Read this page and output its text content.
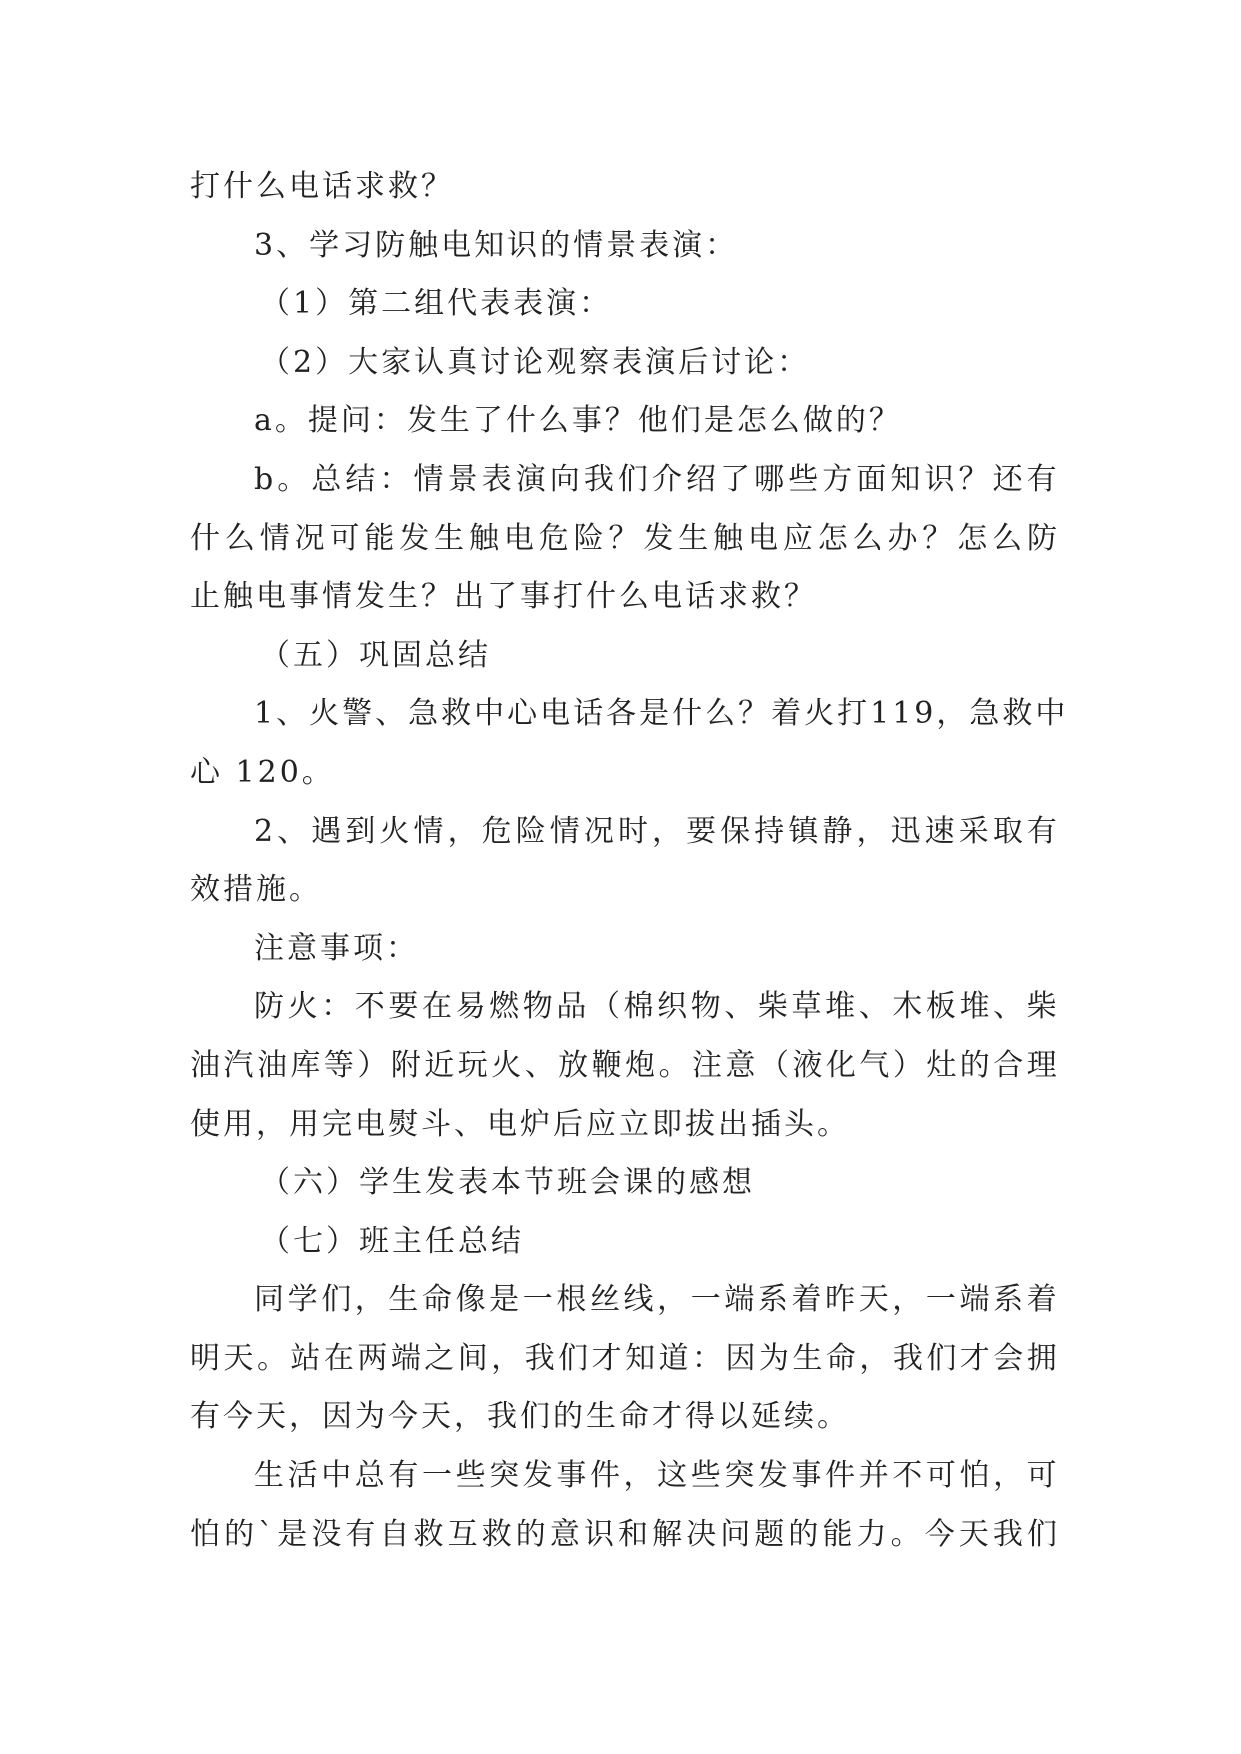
打什么电话求救？
3、学习防触电知识的情景表演：
（1）第二组代表表演：
（2）大家认真讨论观察表演后讨论：
a。提问：发生了什么事？他们是怎么做的？
b 。 总 结 ： 情 景 表 演 向 我 们 介 绍 了 哪 些 方 面 知 识 ？ 还 有
什 么 情 况 可 能 发 生 触 电 危 险 ？ 发 生 触 电 应 怎 么 办 ？ 怎 么 防
止触电事情发生？出了事打什么电话求救？
（五）巩固总结
1 、 火 警 、 急 救 中 心 电 话 各 是 什 么 ？ 着 火 打 1 1 9 ， 急 救 中
心 120。
2 、 遇 到 火 情 ， 危 险 情 况 时 ， 要 保 持 镇 静 ， 迅 速 采 取 有
效措施。
注意事项：
防 火 ： 不 要 在 易 燃 物 品 （ 棉 织 物 、 柴 草 堆 、 木 板 堆 、 柴
油 汽 油 库 等 ） 附 近 玩 火 、 放 鞭 炮 。 注 意 （ 液 化 气 ） 灶 的 合 理
使用，用完电熨斗、电炉后应立即拔出插头。
（六）学生发表本节班会课的感想
（七）班主任总结
同 学 们 ， 生 命 像 是 一 根 丝 线 ， 一 端 系 着 昨 天 ， 一 端 系 着
明 天 。 站 在 两 端 之 间 ， 我 们 才 知 道 ： 因 为 生 命 ， 我 们 才 会 拥
有今天，因为今天，我们的生命才得以延续。
生 活 中 总 有 一 些 突 发 事 件 ， 这 些 突 发 事 件 并 不 可 怕 ， 可
怕 的 ` 是 没 有 自 救 互 救 的 意 识 和 解 决 问 题 的 能 力 。 今 天 我 们
